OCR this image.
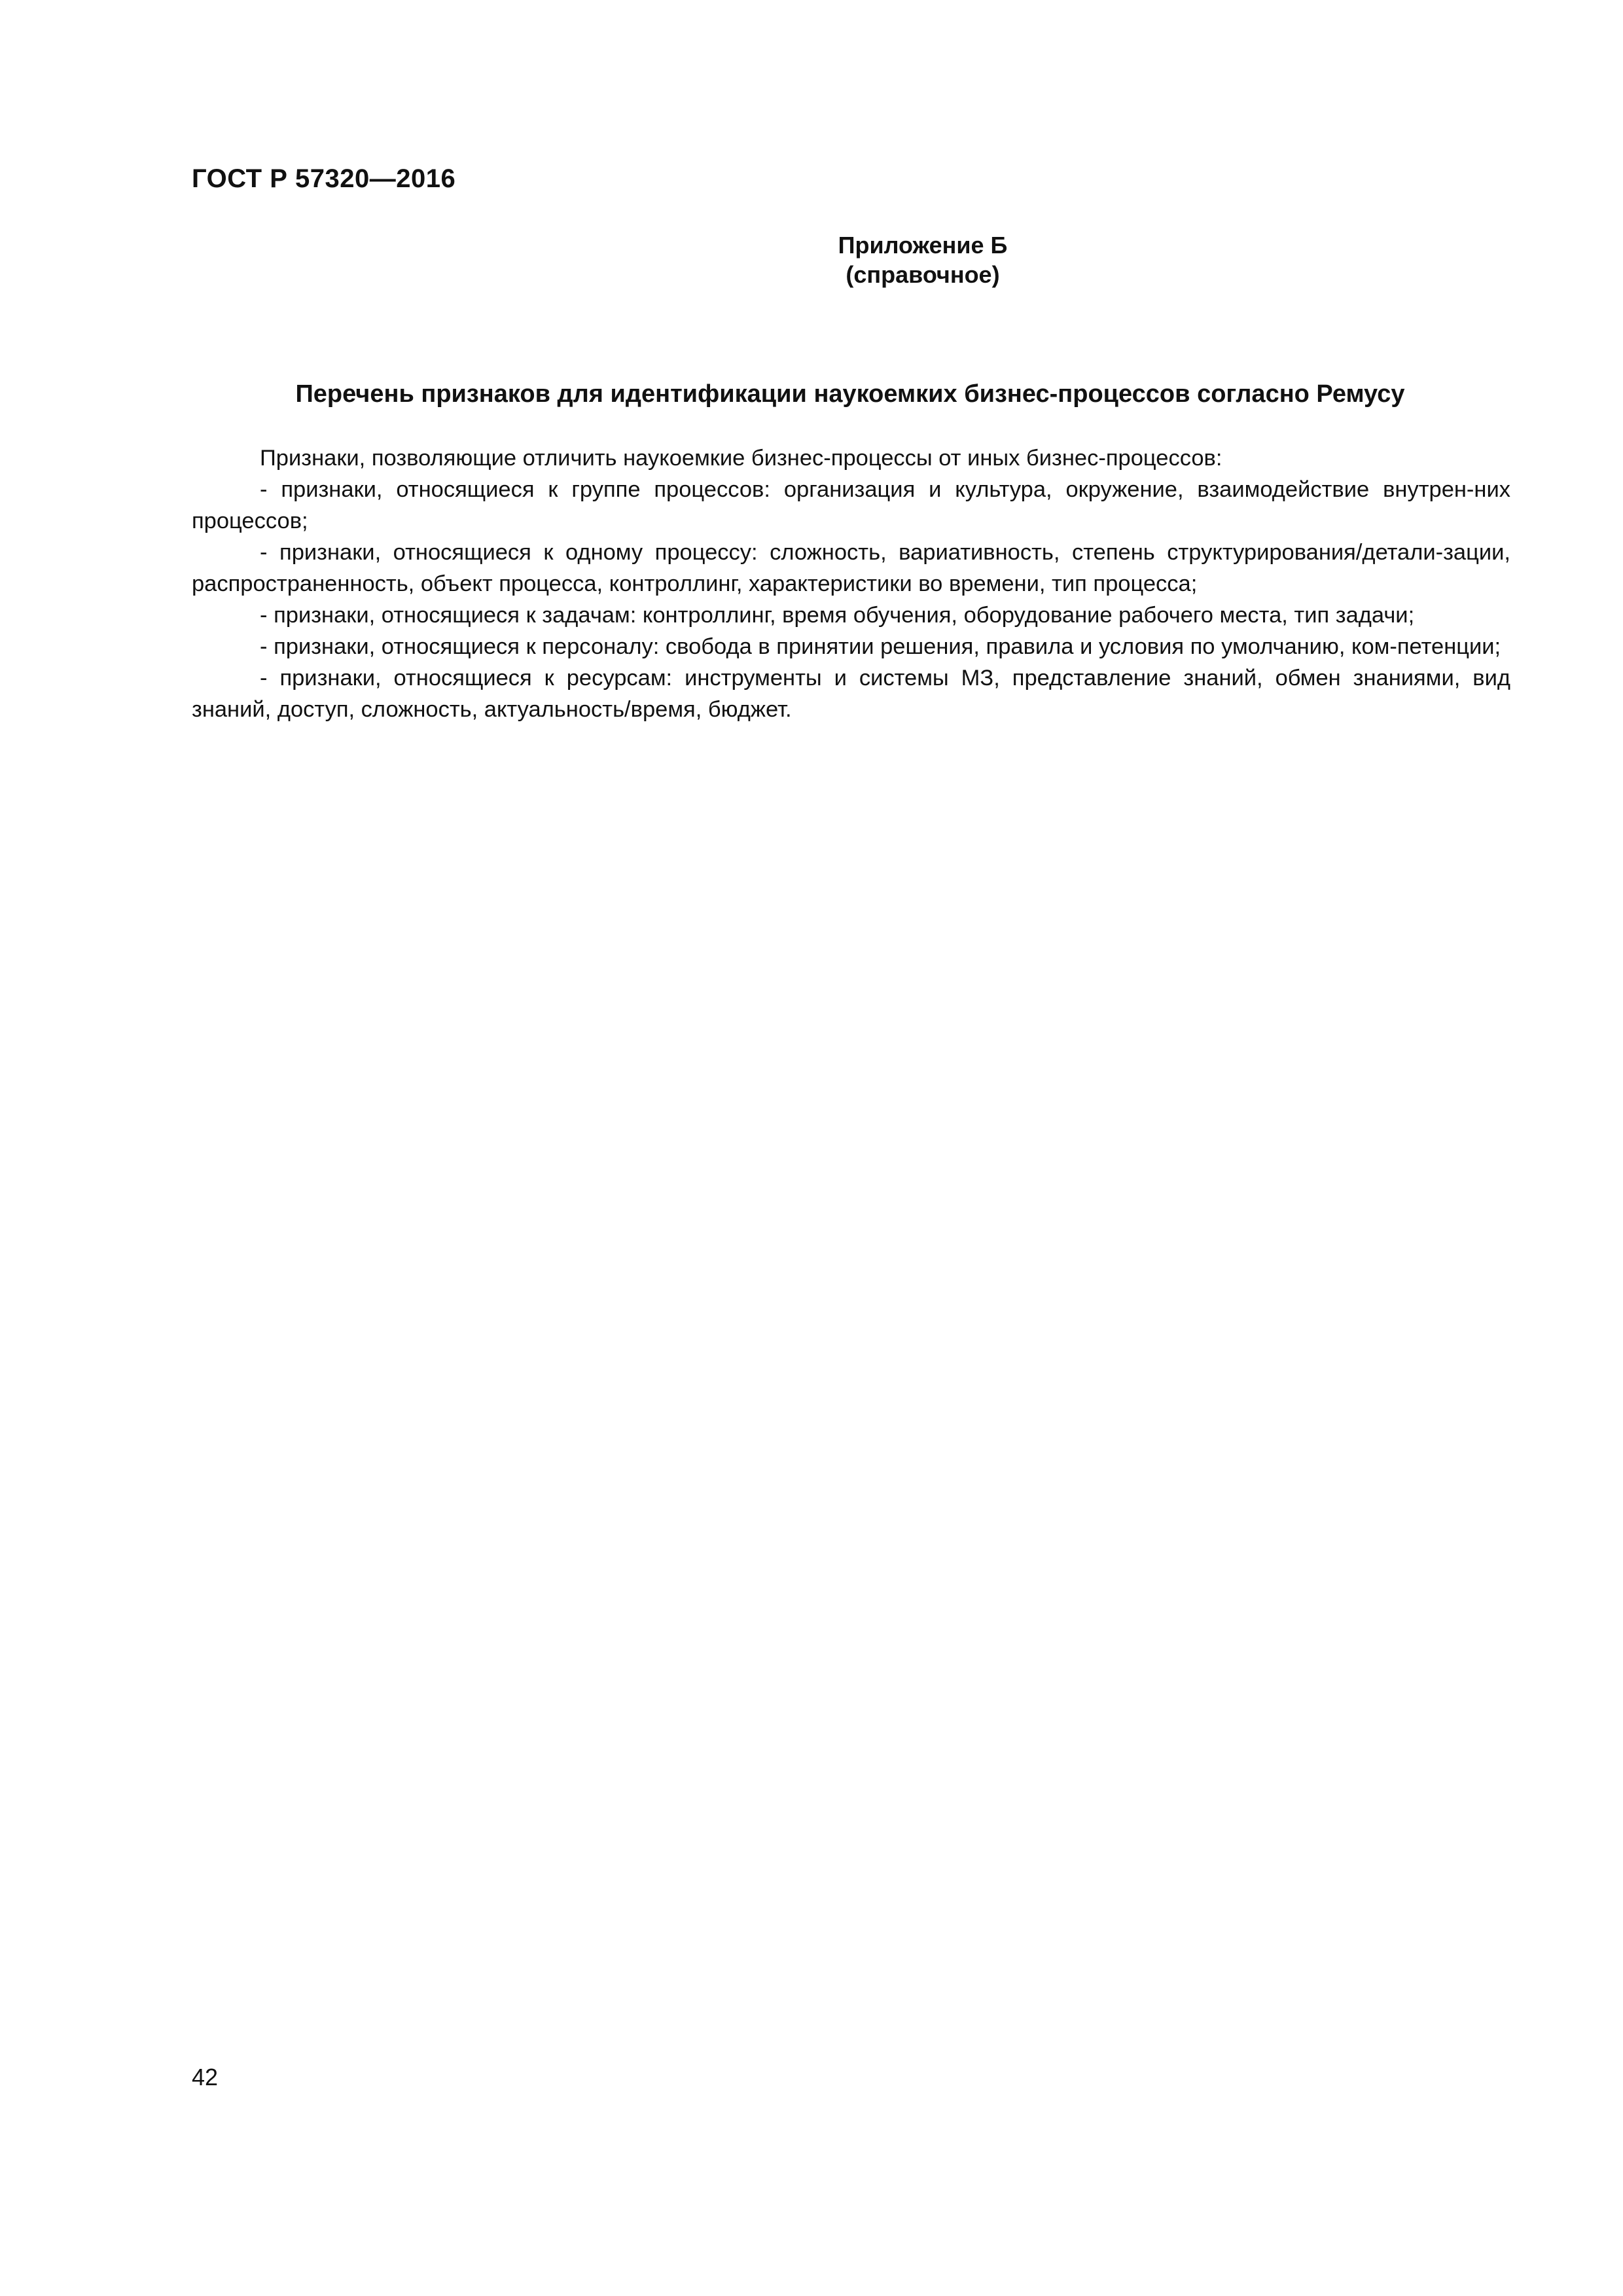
ГОСТ Р 57320—2016
Приложение Б
(справочное)
Перечень признаков для идентификации наукоемких бизнес-процессов согласно Ремусу

Признаки, позволяющие отличить наукоемкие бизнес-процессы от иных бизнес-процессов:

- признаки, относящиеся к группе процессов: организация и культура, окружение, взаимодействие внутрен-них процессов;

- признаки, относящиеся к одному процессу: сложность, вариативность, степень структурирования/детали-зации, распространенность, объект процесса, контроллинг, характеристики во времени, тип процесса;

- признаки, относящиеся к задачам: контроллинг, время обучения, оборудование рабочего места, тип задачи;

- признаки, относящиеся к персоналу: свобода в принятии решения, правила и условия по умолчанию, ком-петенции;

- признаки, относящиеся к ресурсам: инструменты и системы МЗ, представление знаний, обмен знаниями, вид знаний, доступ, сложность, актуальность/время, бюджет.

42
